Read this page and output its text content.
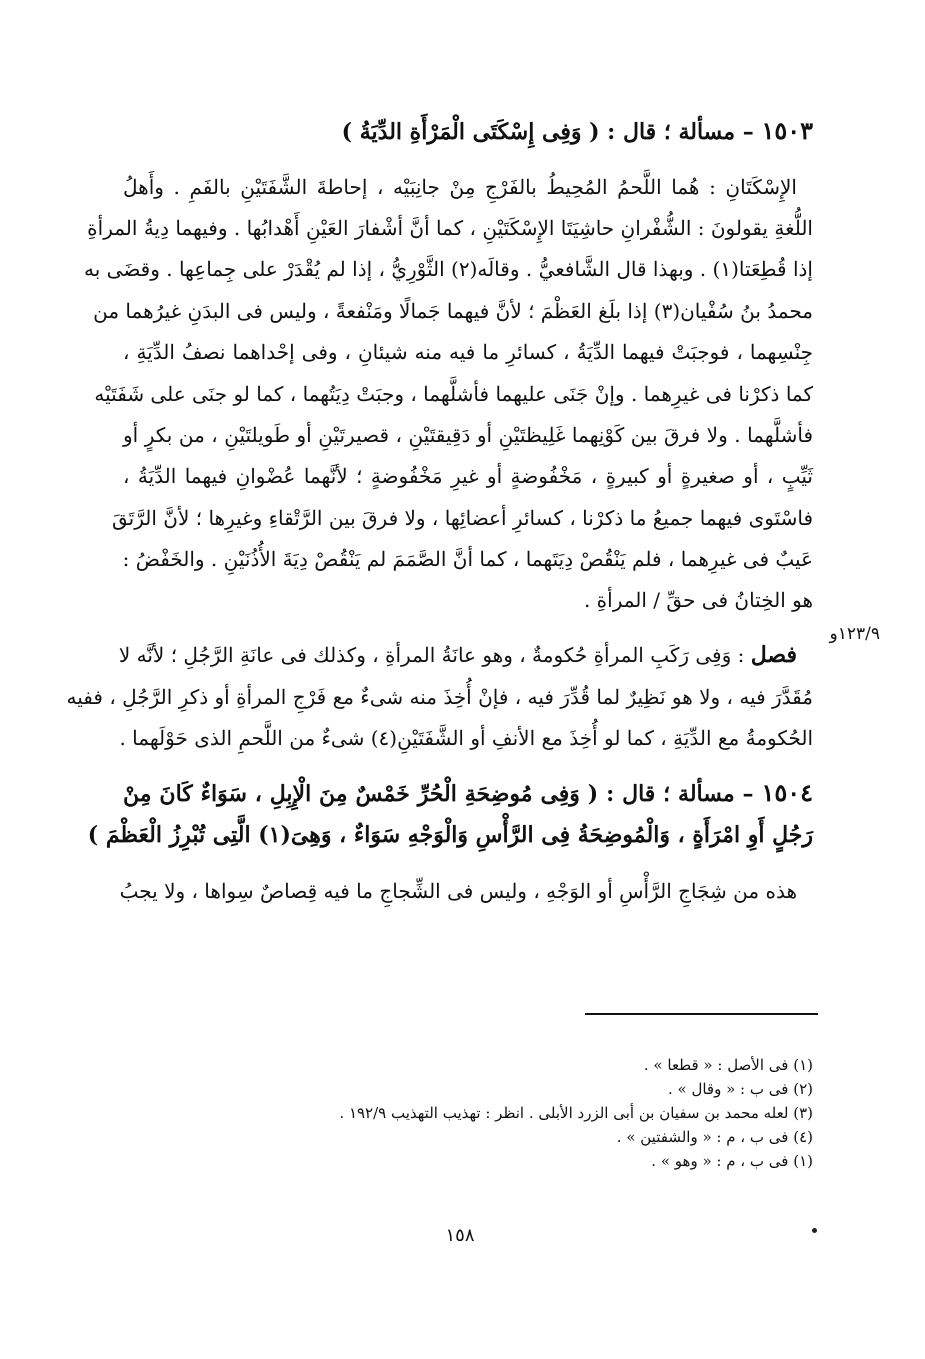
١٥٠٣ – مسألة ؛ قال : ( وَفِى إِسْكَتَى الْمَرْأَةِ الدِّيَةُ )
الإِسْكَتَانِ : هُما اللَّحمُ المُحِيطُ بالفَرْجِ مِنْ جانِبَيْه ، إحاطةَ الشَّفَتَيْنِ بالفَمِ . وأَهلُ
اللُّغةِ يقولونَ : الشُّفْرانِ حاشِيَتَا الإِسْكَتَيْنِ ، كما أنَّ أشْفارَ العَيْنِ أَهْدابُها . وفيهما دِيةُ المرأةِ
إذا قُطِعَتا(١) . وبهذا قال الشَّافعيُّ . وقالَه(٢) الثَّوْرِيُّ ، إذا لم يُقْدَرْ على جِماعِها . وقضَى به
محمدُ بنُ سُفْيان(٣) إذا بلَغ العَظْمَ ؛ لأنَّ فيهما جَمالًا ومَنْفعةً ، وليس فى البدَنِ غيرُهما من
جِنْسِهما ، فوجبَتْ فيهما الدِّيَةُ ، كسائرِ ما فيه منه شيئانِ ، وفى إحْداهما نصفُ الدِّيَةِ ،
كما ذكرْنا فى غيرِهما . وإنْ جَنَى عليهما فأشلَّهما ، وجبَتْ دِيَتُهما ، كما لو جنَى على شَفَتَيْه
فأشلَّهما . ولا فرقَ بين كَوْنِهما غَلِيظتَيْنِ أو دَقِيقتَيْنِ ، قصيرتَيْنِ أو طَويلتَيْنِ ، من بكرٍ أو
ثَيِّبٍ ، أو صغيرةٍ أو كبيرةٍ ، مَخْفُوضةٍ أو غيرِ مَخْفُوضةٍ ؛ لأنَّهما عُضْوانِ فيهما الدِّيَةُ ،
فاسْتَوى فيهما جميعُ ما ذكرْنا ، كسائرِ أعضائِها ، ولا فرقَ بين الرَّتْقاءِ وغيرِها ؛ لأنَّ الرَّتَقَ
عَيبٌ فى غيرِهما ، فلم يَنْقُصْ دِيَتَهما ، كما أنَّ الصَّمَمَ لم يَنْقُصْ دِيَةَ الأُذُنَيْنِ . والخَفْضُ :
هو الخِتانُ فى حقِّ / المرأةِ .
١٢٣/٩و
فصل : وَفِى رَكَبِ المرأةِ حُكومةٌ ، وهو عانَةُ المرأةِ ، وكذلك فى عانَةِ الرَّجُلِ ؛ لأنَّه لا
مُقَدَّرَ فيه ، ولا هو نَظِيرٌ لما قُدِّرَ فيه ، فإنْ أُخِذَ منه شىءٌ مع فَرْجِ المرأةِ أو ذكرِ الرَّجُلِ ، ففيه
الحُكومةُ مع الدِّيَةِ ، كما لو أُخِذَ مع الأنفِ أو الشَّفَتَيْنِ(٤) شىءٌ من اللَّحمِ الذى حَوْلَهما .
١٥٠٤ – مسألة ؛ قال : ( وَفِى مُوضِحَةِ الْحُرِّ خَمْسٌ مِنَ الْإِبِلِ ، سَوَاءٌ كَانَ مِنْ
رَجُلٍ أَوِ امْرَأَةٍ ، وَالْمُوضِحَةُ فِى الرَّأْسِ وَالْوَجْهِ سَوَاءٌ ، وَهِىَ(١) الَّتِى تُبْرِزُ الْعَظْمَ )
هذه من شِجَاجِ الرَّأْسِ أو الوَجْهِ ، وليس فى الشِّجاجِ ما فيه قِصاصٌ سِواها ، ولا يجبُ
(١) فى الأصل : « قطعا » .
(٢) فى ب : « وقال » .
(٣) لعله محمد بن سفيان بن أبى الزرد الأبلى . انظر : تهذيب التهذيب ١٩٢/٩ .
(٤) فى ب ، م : « والشفتين » .
(١) فى ب ، م : « وهو » .
١٥٨
